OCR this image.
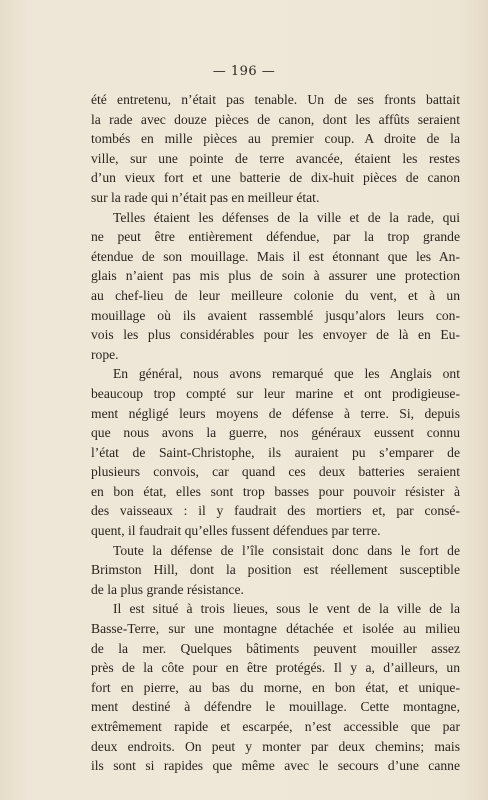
— 196 —

été entretenu, n’était pas tenable. Un de ses fronts battait
la rade avec douze pièces de canon, dont les affûts seraient
tombés en mille pièces au premier coup. A droite de la
ville, sur une pointe de terre avancée, étaient les restes
d’un vieux fort et une batterie de dix-huit pièces de canon
sur la rade qui n’était pas en meilleur état.

Telles étaient les défenses de la ville et de la rade, qui
ne peut être entièrement défendue, par la trop grande
étendue de son mouillage. Mais il est étonnant que les An-
glais n’aient pas mis plus de soin à assurer une protection
au chef-lieu de leur meilleure colonie du vent, et à un
mouillage où ils avaient rassemblé jusqu’alors leurs con-
vois les plus considérables pour les envoyer de là en Eu-
rope.

En général, nous avons remarqué que les Anglais ont
beaucoup trop compté sur leur marine et ont prodigieuse-
ment négligé leurs moyens de défense à terre. Si, depuis
que nous avons la guerre, nos généraux eussent connu
l’état de Saint-Christophe, ils auraient pu s’emparer de
plusieurs convois, car quand ces deux batteries seraient
en bon état, elles sont trop basses pour pouvoir résister à
des vaisseaux : il y faudrait des mortiers et, par consé-
quent, il faudrait qu’elles fussent défendues par terre.

Toute la défense de l’île consistait donc dans le fort de
Brimston Hill, dont la position est réellement susceptible
de la plus grande résistance.

Il est situé à trois lieues, sous le vent de la ville de la
Basse-Terre, sur une montagne détachée et isolée au milieu
de la mer. Quelques bâtiments peuvent mouiller assez
près de la côte pour en être protégés. Il y a, d’ailleurs, un
fort en pierre, au bas du morne, en bon état, et unique-
ment destiné à défendre le mouillage. Cette montagne,
extrêmement rapide et escarpée, n’est accessible que par
deux endroits. On peut y monter par deux chemins; mais
ils sont si rapides que même avec le secours d’une canne
